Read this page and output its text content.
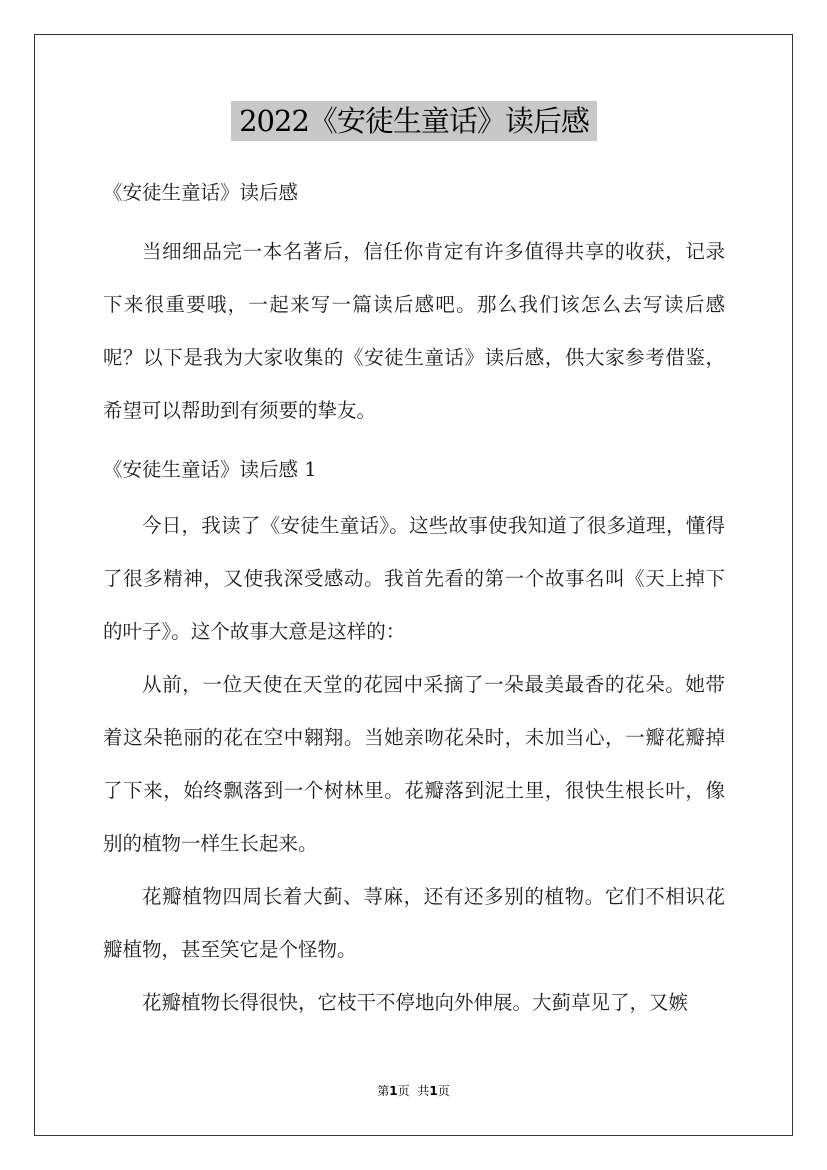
2022《安徒生童话》读后感

《安徒生童话》读后感

当细细品完一本名著后，信任你肯定有许多值得共享的收获，记录下来很重要哦，一起来写一篇读后感吧。那么我们该怎么去写读后感呢？以下是我为大家收集的《安徒生童话》读后感，供大家参考借鉴，希望可以帮助到有须要的挚友。

《安徒生童话》读后感 1

今日，我读了《安徒生童话》。这些故事使我知道了很多道理，懂得了很多精神，又使我深受感动。我首先看的第一个故事名叫《天上掉下的叶子》。这个故事大意是这样的：

从前，一位天使在天堂的花园中采摘了一朵最美最香的花朵。她带着这朵艳丽的花在空中翱翔。当她亲吻花朵时，未加当心，一瓣花瓣掉了下来，始终飘落到一个树林里。花瓣落到泥土里，很快生根长叶，像别的植物一样生长起来。

花瓣植物四周长着大蓟、荨麻，还有还多别的植物。它们不相识花瓣植物，甚至笑它是个怪物。

花瓣植物长得很快，它枝干不停地向外伸展。大蓟草见了，又嫉

第1页 共1页
